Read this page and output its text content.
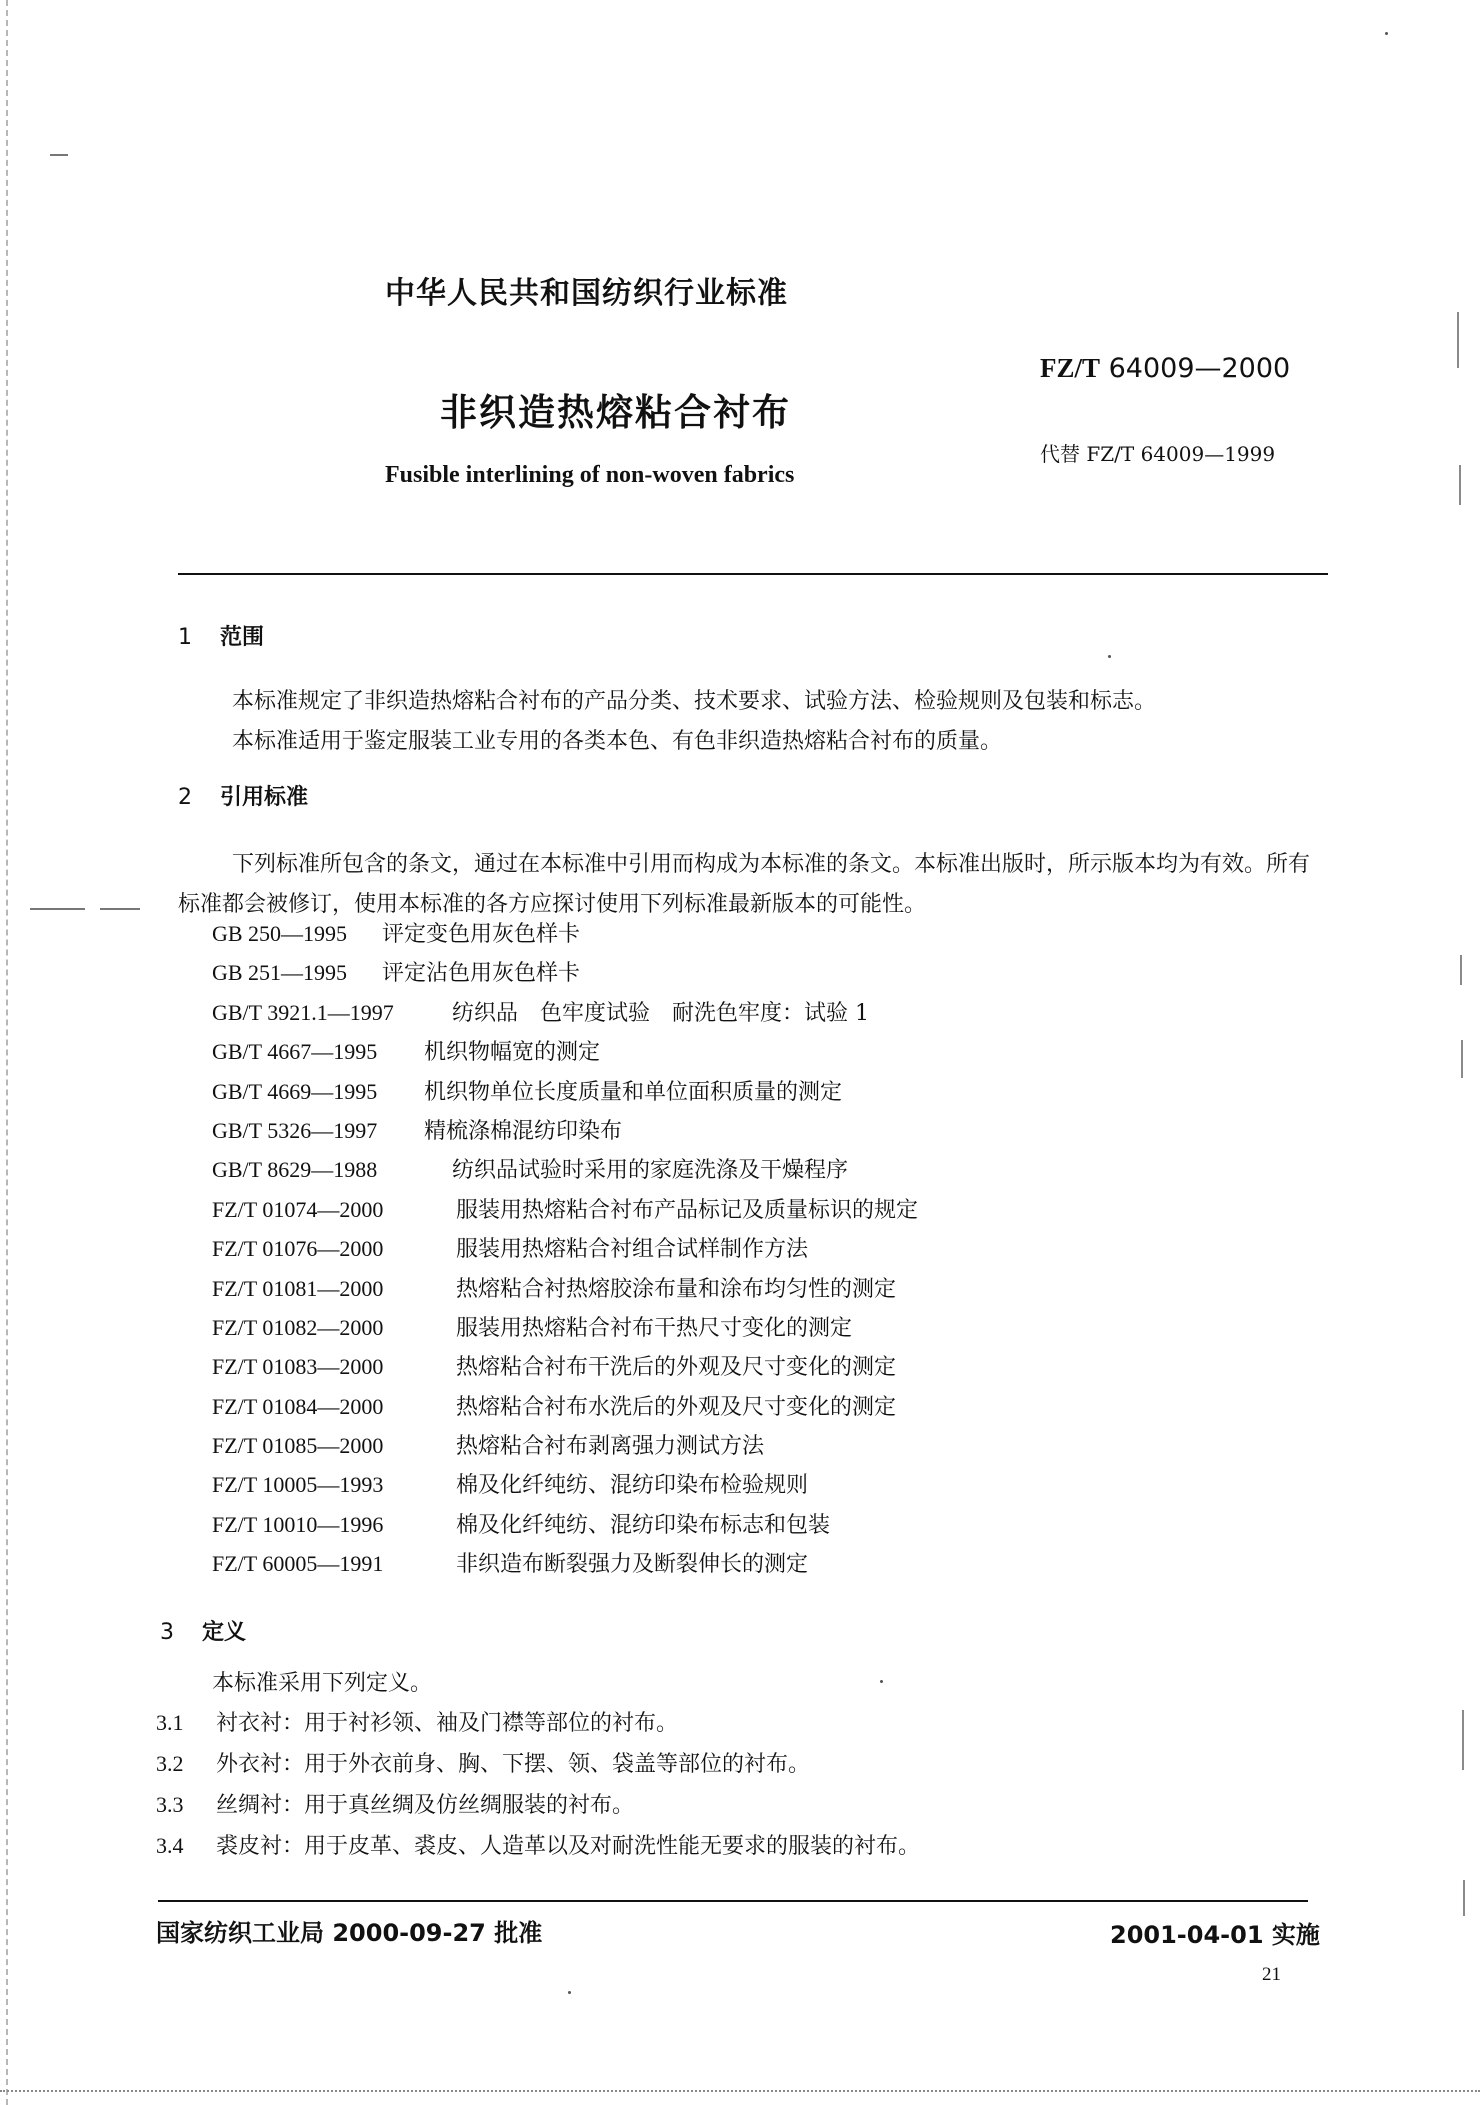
中华人民共和国纺织行业标准
FZ/T 64009—2000
非织造热熔粘合衬布
代替 FZ/T 64009—1999
Fusible interlining of non-woven fabrics
1 范围
本标准规定了非织造热熔粘合衬布的产品分类、技术要求、试验方法、检验规则及包装和标志。
本标准适用于鉴定服装工业专用的各类本色、有色非织造热熔粘合衬布的质量。
2 引用标准
下列标准所包含的条文，通过在本标准中引用而构成为本标准的条文。本标准出版时，所示版本均为有效。所有标准都会被修订，使用本标准的各方应探讨使用下列标准最新版本的可能性。
GB 250—1995 评定变色用灰色样卡
GB 251—1995 评定沾色用灰色样卡
GB/T 3921.1—1997	纺织品　色牢度试验　耐洗色牢度：试验 1
GB/T 4667—1995 机织物幅宽的测定
GB/T 4669—1995 机织物单位长度质量和单位面积质量的测定
GB/T 5326—1997 精梳涤棉混纺印染布
GB/T 8629—1988	纺织品试验时采用的家庭洗涤及干燥程序
FZ/T 01074—2000	服装用热熔粘合衬布产品标记及质量标识的规定
FZ/T 01076—2000	服装用热熔粘合衬组合试样制作方法
FZ/T 01081—2000	热熔粘合衬热熔胶涂布量和涂布均匀性的测定
FZ/T 01082—2000	服装用热熔粘合衬布干热尺寸变化的测定
FZ/T 01083—2000	热熔粘合衬布干洗后的外观及尺寸变化的测定
FZ/T 01084—2000	热熔粘合衬布水洗后的外观及尺寸变化的测定
FZ/T 01085—2000	热熔粘合衬布剥离强力测试方法
FZ/T 10005—1993	棉及化纤纯纺、混纺印染布检验规则
FZ/T 10010—1996	棉及化纤纯纺、混纺印染布标志和包装
FZ/T 60005—1991	非织造布断裂强力及断裂伸长的测定
3 定义
本标准采用下列定义。
3.1 衬衣衬：用于衬衫领、袖及门襟等部位的衬布。
3.2 外衣衬：用于外衣前身、胸、下摆、领、袋盖等部位的衬布。
3.3 丝绸衬：用于真丝绸及仿丝绸服装的衬布。
3.4 裘皮衬：用于皮革、裘皮、人造革以及对耐洗性能无要求的服装的衬布。
国家纺织工业局 2000-09-27 批准	2001-04-01 实施
21
